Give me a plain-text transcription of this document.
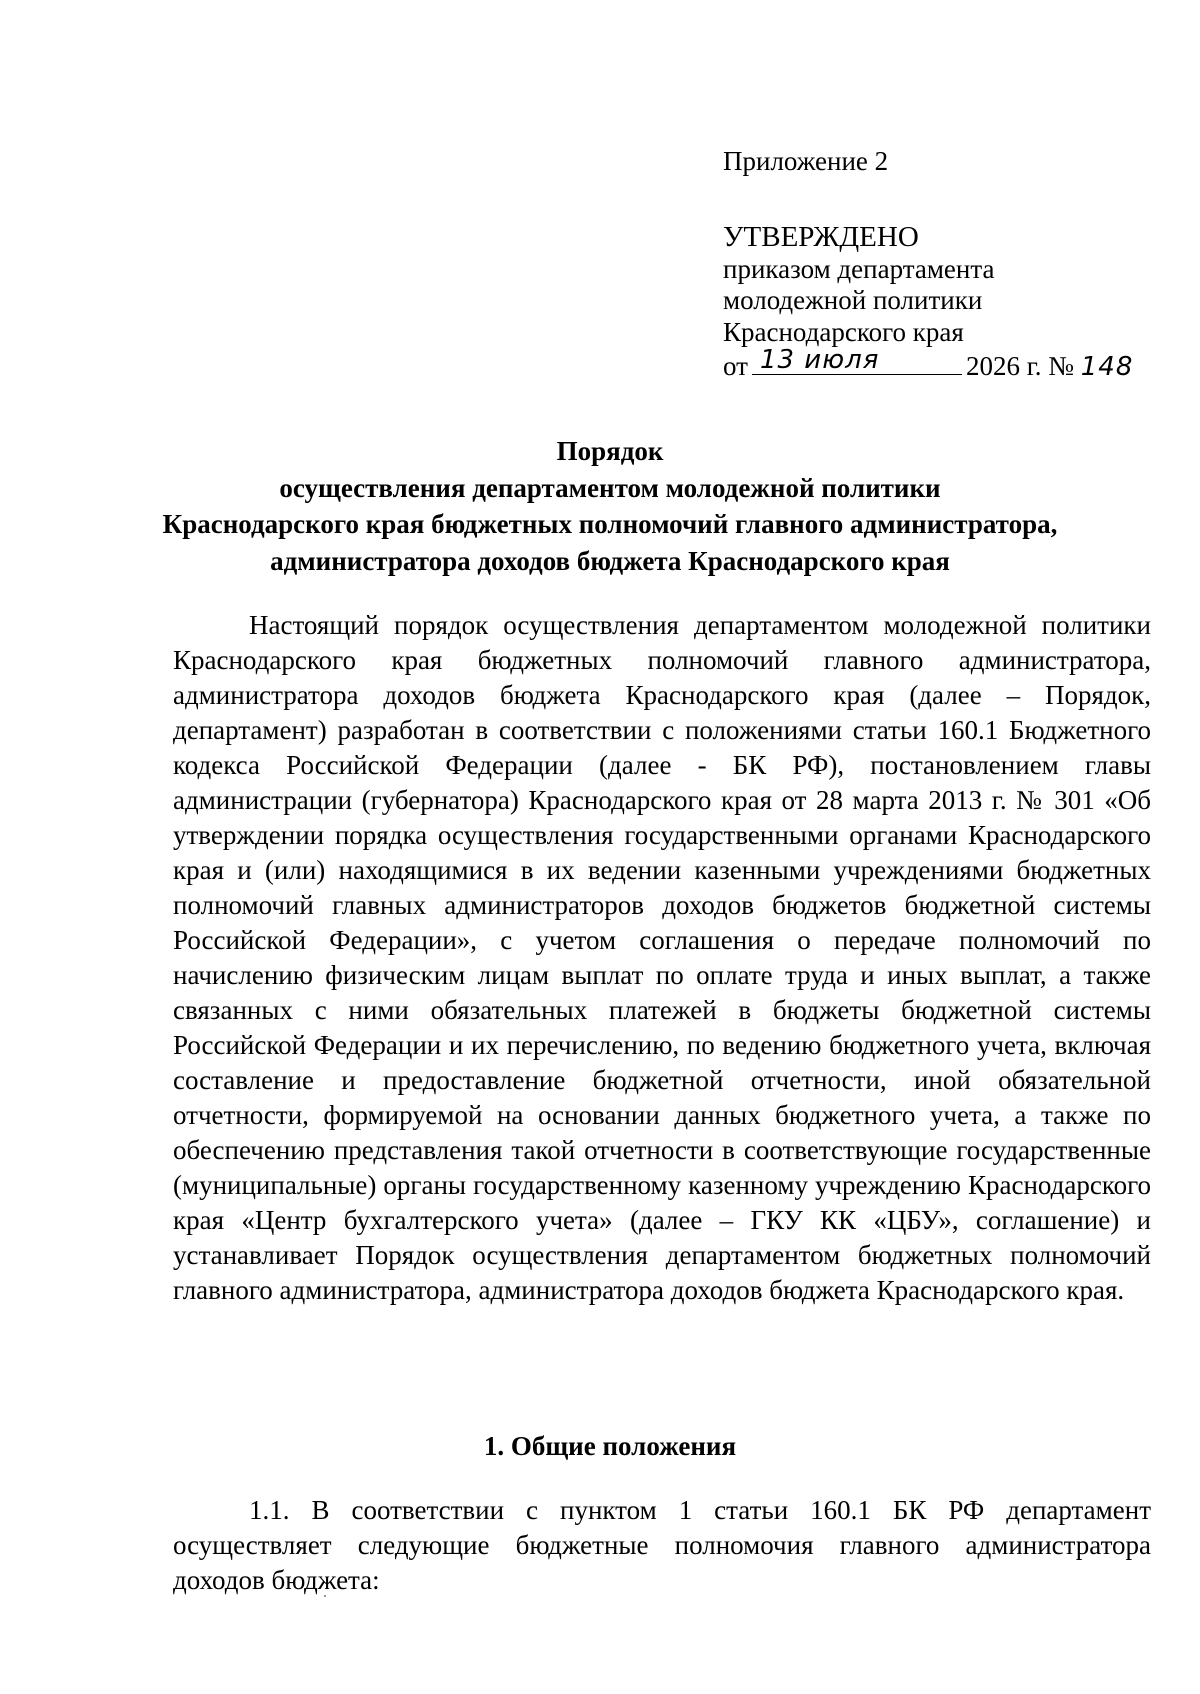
Приложение 2
УТВЕРЖДЕНО
приказом департамента
молодежной политики
Краснодарского края
от 13 июля	2026 г. № 148
Порядок
осуществления департаментом молодежной политики
Краснодарского края бюджетных полномочий главного администратора,
администратора доходов бюджета Краснодарского края
Настоящий порядок осуществления департаментом молодежной политики Краснодарского края бюджетных полномочий главного администратора, администратора доходов бюджета Краснодарского края (далее – Порядок, департамент) разработан в соответствии с положениями статьи 160.1 Бюджетного кодекса Российской Федерации (далее - БК РФ), постановлением главы администрации (губернатора) Краснодарского края от 28 марта 2013 г. № 301 «Об утверждении порядка осуществления государственными органами Краснодарского края и (или) находящимися в их ведении казенными учреждениями бюджетных полномочий главных администраторов доходов бюджетов бюджетной системы Российской Федерации», с учетом соглашения о передаче полномочий по начислению физическим лицам выплат по оплате труда и иных выплат, а также связанных с ними обязательных платежей в бюджеты бюджетной системы Российской Федерации и их перечислению, по ведению бюджетного учета, включая составление и предоставление бюджетной отчетности, иной обязательной отчетности, формируемой на основании данных бюджетного учета, а также по обеспечению представления такой отчетности в соответствующие государственные (муниципальные) органы государственному казенному учреждению Краснодарского края «Центр бухгалтерского учета» (далее – ГКУ КК «ЦБУ», соглашение) и устанавливает Порядок осуществления департаментом бюджетных полномочий главного администратора, администратора доходов бюджета Краснодарского края.
1. Общие положения
1.1. В соответствии с пунктом 1 статьи 160.1 БК РФ департамент осуществляет следующие бюджетные полномочия главного администратора доходов бюджета:
